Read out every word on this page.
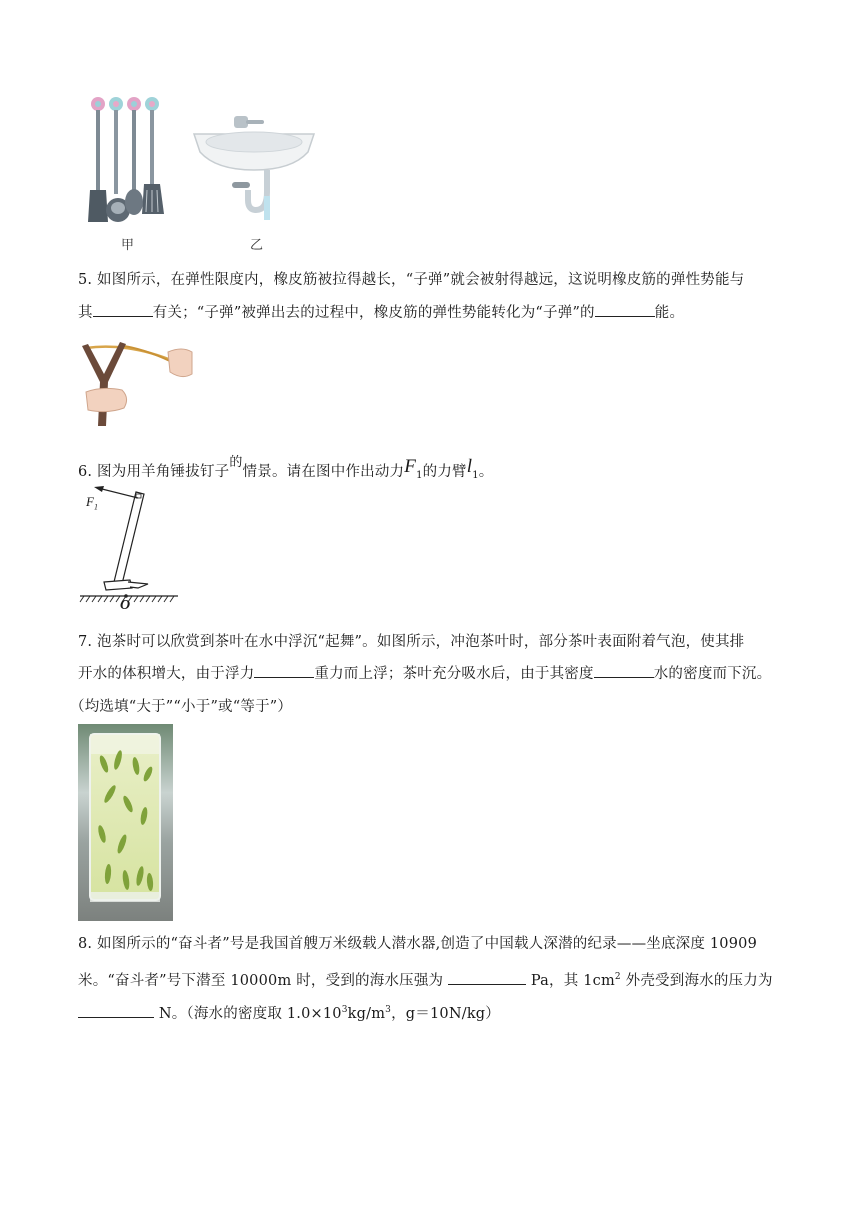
甲	乙
5. 如图所示，在弹性限度内，橡皮筋被拉得越长，“子弹”就会被射得越远，这说明橡皮筋的弹性势能与
其	有关；“子弹”被弹出去的过程中，橡皮筋的弹性势能转化为“子弹”的	能。
6. 图为用羊角锤拔钉子$^的$情景。请在图中作出动力$F_1$的力臂$l_1$。
$F_1$
O
7. 泡茶时可以欣赏到茶叶在水中浮沉“起舞”。如图所示，冲泡茶叶时，部分茶叶表面附着气泡，使其排
开水的体积增大，由于浮力	重力而上浮；茶叶充分吸水后，由于其密度	水的密度而下沉。
（均选填“大于”“小于”或“等于”）
8. 如图所示的“奋斗者”号是我国首艘万米级载人潜水器,创造了中国载人深潜的纪录——坐底深度 10909
米。“奋斗者”号下潜至 10000m 时，受到的海水压强为	Pa，其 $1cm^2$ 外壳受到海水的压力为
N。（海水的密度取 $1.0\times 10^3kg/m^3$，g＝10N/kg）
